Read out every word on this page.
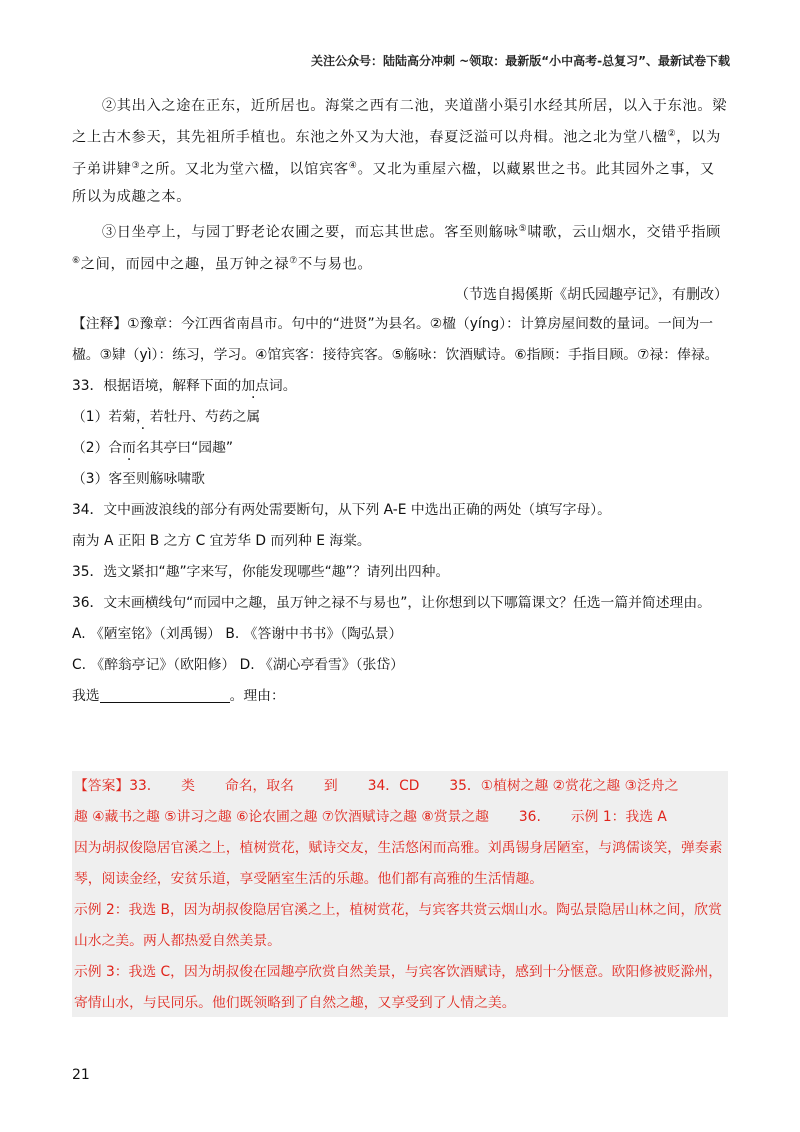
关注公众号：陆陆高分冲刺 ~领取：最新版“小中高考-总复习”、最新试卷下载

②其出入之途在正东，近所居也。海棠之西有二池，夹道凿小渠引水经其所居，以入于东池。梁之上古木参天，其先祖所手植也。东池之外又为大池，春夏泛溢可以舟楫。池之北为堂八楹②，以为子弟讲肄③之所。又北为堂六楹，以馆宾客④。又北为重屋六楹，以藏累世之书。此其园外之事，又所以为成趣之本。

③日坐亭上，与园丁野老论农圃之要，而忘其世虑。客至则觞咏⑤啸歌，云山烟水，交错乎指顾⑥之间，而园中之趣，虽万钟之禄⑦不与易也。

（节选自揭傒斯《胡氏园趣亭记》，有删改）

【注释】①豫章：今江西省南昌市。句中的“进贤”为县名。②楹（yíng）：计算房屋间数的量词。一间为一楹。③肄（yì）：练习，学习。④馆宾客：接待宾客。⑤觞咏：饮酒赋诗。⑥指顾：手指目顾。⑦禄：俸禄。

33．根据语境，解释下面的加点词。

（1）若菊，若牡丹、芍药之属

（2）合而名其亭曰“园趣”

（3）客至则觞咏啸歌

34．文中画波浪线的部分有两处需要断句，从下列 A-E 中选出正确的两处（填写字母）。

南为 A 正阳 B 之方 C 宜芳华 D 而列种 E 海棠。

35．选文紧扣“趣”字来写，你能发现哪些“趣”？请列出四种。

36．文末画横线句“而园中之趣，虽万钟之禄不与易也”，让你想到以下哪篇课文？任选一篇并简述理由。

A. 《陋室铭》（刘禹锡） B. 《答谢中书书》（陶弘景）

C. 《醉翁亭记》（欧阳修） D. 《湖心亭看雪》（张岱）

我选	。理由：

【答案】33. 类 命名，取名 到 34．CD 35．①植树之趣 ②赏花之趣 ③泛舟之

趣 ④藏书之趣 ⑤讲习之趣 ⑥论农圃之趣 ⑦饮酒赋诗之趣 ⑧赏景之趣 36. 示例 1：我选 A

因为胡叔俊隐居官溪之上，植树赏花，赋诗交友，生活悠闲而高雅。刘禹锡身居陋室，与鸿儒谈笑，弹奏素琴，阅读金经，安贫乐道，享受陋室生活的乐趣。他们都有高雅的生活情趣。

示例 2：我选 B，因为胡叔俊隐居官溪之上，植树赏花，与宾客共赏云烟山水。陶弘景隐居山林之间，欣赏山水之美。两人都热爱自然美景。

示例 3：我选 C，因为胡叔俊在园趣亭欣赏自然美景，与宾客饮酒赋诗，感到十分惬意。欧阳修被贬滁州，寄情山水，与民同乐。他们既领略到了自然之趣，又享受到了人情之美。

21
